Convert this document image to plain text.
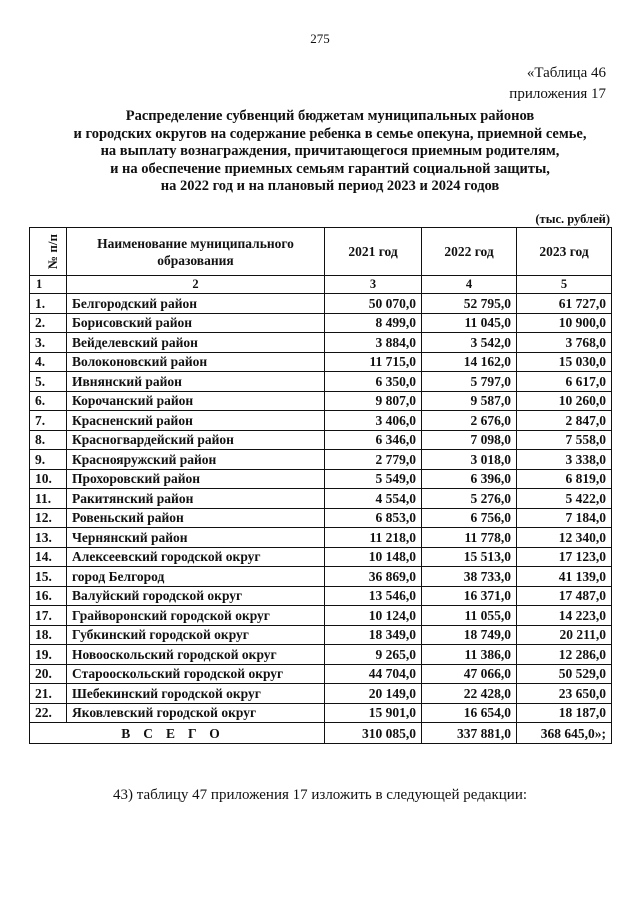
275
«Таблица 46
приложения 17
Распределение субвенций бюджетам муниципальных районов
и городских округов на содержание ребенка в семье опекуна, приемной семье,
на выплату вознаграждения, причитающегося приемным родителям,
и на обеспечение приемных семьям гарантий социальной защиты,
на 2022 год и на плановый период 2023 и 2024 годов
(тыс. рублей)
№ п/п	Наименование муниципального образования	2021 год	2022 год	2023 год
1	2	3	4	5
1.	Белгородский район	50 070,0	52 795,0	61 727,0
2.	Борисовский район	8 499,0	11 045,0	10 900,0
3.	Вейделевский район	3 884,0	3 542,0	3 768,0
4.	Волоконовский район	11 715,0	14 162,0	15 030,0
5.	Ивнянский район	6 350,0	5 797,0	6 617,0
6.	Корочанский район	9 807,0	9 587,0	10 260,0
7.	Красненский район	3 406,0	2 676,0	2 847,0
8.	Красногвардейский район	6 346,0	7 098,0	7 558,0
9.	Краснояружский район	2 779,0	3 018,0	3 338,0
10.	Прохоровский район	5 549,0	6 396,0	6 819,0
11.	Ракитянский район	4 554,0	5 276,0	5 422,0
12.	Ровеньский район	6 853,0	6 756,0	7 184,0
13.	Чернянский район	11 218,0	11 778,0	12 340,0
14.	Алексеевский городской округ	10 148,0	15 513,0	17 123,0
15.	город Белгород	36 869,0	38 733,0	41 139,0
16.	Валуйский городской округ	13 546,0	16 371,0	17 487,0
17.	Грайворонский городской округ	10 124,0	11 055,0	14 223,0
18.	Губкинский городской округ	18 349,0	18 749,0	20 211,0
19.	Новооскольский городской округ	9 265,0	11 386,0	12 286,0
20.	Старооскольский городской округ	44 704,0	47 066,0	50 529,0
21.	Шебекинский городской округ	20 149,0	22 428,0	23 650,0
22.	Яковлевский городской округ	15 901,0	16 654,0	18 187,0
ВСЕГО		310 085,0	337 881,0	368 645,0»;
43) таблицу 47 приложения 17 изложить в следующей редакции:
